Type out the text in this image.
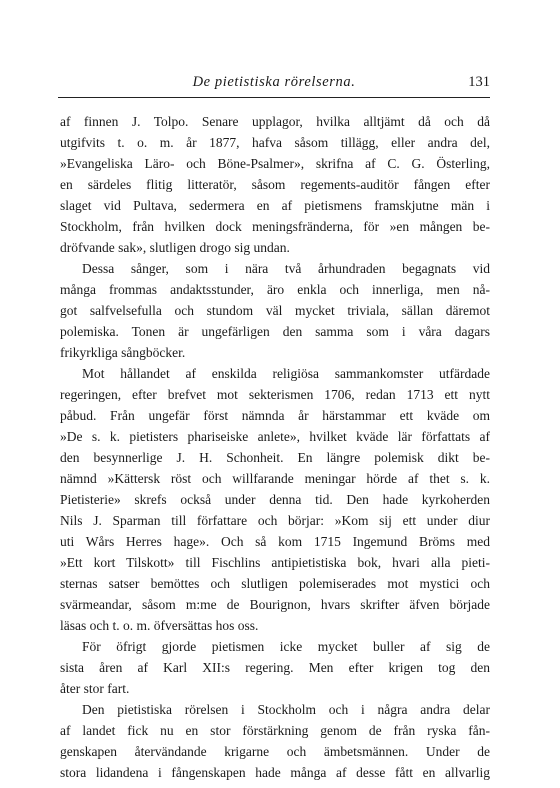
De pietistiska rörelserna.	131
af finnen J. Tolpo. Senare upplagor, hvilka alltjämt då och då
utgifvits t. o. m. år 1877, hafva såsom tillägg, eller andra del,
»Evangeliska Läro- och Böne-Psalmer», skrifna af C. G. Österling,
en särdeles flitig litteratör, såsom regements-auditör fången efter
slaget vid Pultava, sedermera en af pietismens framskjutne män i
Stockholm, från hvilken dock meningsfränderna, för »en mången be-
dröfvande sak», slutligen drogo sig undan.
Dessa sånger, som i nära två århundraden begagnats vid
många frommas andaktsstunder, äro enkla och innerliga, men nå-
got salfvelsefulla och stundom väl mycket triviala, sällan däremot
polemiska. Tonen är ungefärligen den samma som i våra dagars
frikyrkliga sångböcker.
Mot hållandet af enskilda religiösa sammankomster utfärdade
regeringen, efter brefvet mot sekterismen 1706, redan 1713 ett nytt
påbud. Från ungefär först nämnda år härstammar ett kväde om
»De s. k. pietisters phariseiske anlete», hvilket kväde lär författats af
den besynnerlige J. H. Schonheit. En längre polemisk dikt be-
nämnd »Kättersk röst och willfarande meningar hörde af thet s. k.
Pietisterie» skrefs också under denna tid. Den hade kyrkoherden
Nils J. Sparman till författare och börjar: »Kom sij ett under diur
uti Wårs Herres hage». Och så kom 1715 Ingemund Bröms med
»Ett kort Tilskott» till Fischlins antipietistiska bok, hvari alla pieti-
sternas satser bemöttes och slutligen polemiserades mot mystici och
svärmeandar, såsom m:me de Bourignon, hvars skrifter äfven började
läsas och t. o. m. öfversättas hos oss.
För öfrigt gjorde pietismen icke mycket buller af sig de
sista åren af Karl XII:s regering. Men efter krigen tog den
åter stor fart.
Den pietistiska rörelsen i Stockholm och i några andra delar
af landet fick nu en stor förstärkning genom de från ryska fån-
genskapen återvändande krigarne och ämbetsmännen. Under de
stora lidandena i fångenskapen hade många af desse fått en allvarlig
